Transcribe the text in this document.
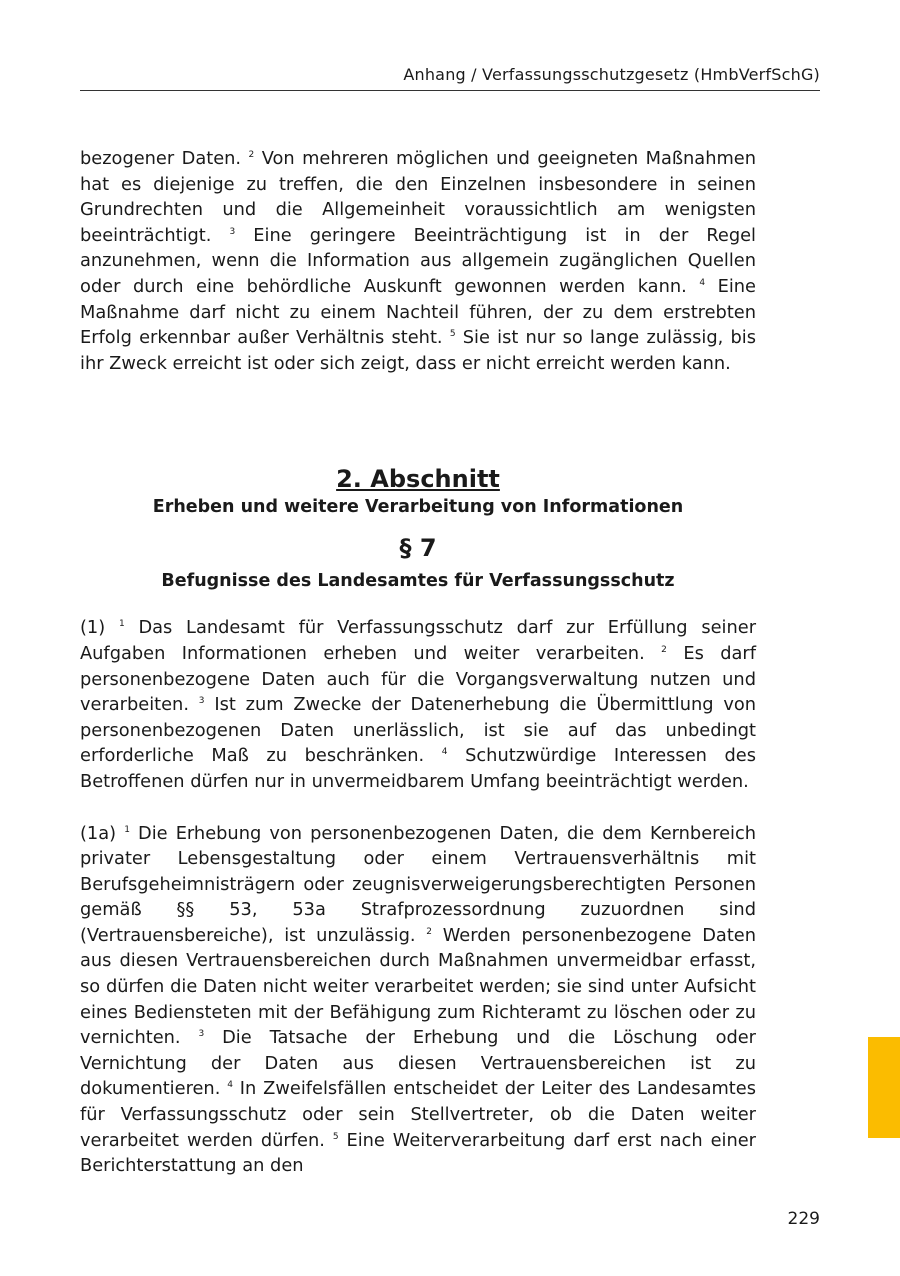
Anhang / Verfassungsschutzgesetz (HmbVerfSchG)

bezogener Daten. $^2$ Von mehreren möglichen und geeigneten Maßnahmen hat es diejenige zu treffen, die den Einzelnen insbesondere in seinen Grundrechten und die Allgemeinheit voraussichtlich am wenigsten beeinträchtigt. $^3$ Eine geringere Beeinträchtigung ist in der Regel anzunehmen, wenn die Information aus allgemein zugänglichen Quellen oder durch eine behördliche Auskunft gewonnen werden kann. $^4$ Eine Maßnahme darf nicht zu einem Nachteil führen, der zu dem erstrebten Erfolg erkennbar außer Verhältnis steht. $^5$ Sie ist nur so lange zulässig, bis ihr Zweck erreicht ist oder sich zeigt, dass er nicht erreicht werden kann.

2. Abschnitt
Erheben und weitere Verarbeitung von Informationen
§ 7
Befugnisse des Landesamtes für Verfassungsschutz

(1) $^1$ Das Landesamt für Verfassungsschutz darf zur Erfüllung seiner Aufgaben Informationen erheben und weiter verarbeiten. $^2$ Es darf personenbezogene Daten auch für die Vorgangsverwaltung nutzen und verarbeiten. $^3$ Ist zum Zwecke der Datenerhebung die Übermittlung von personenbezogenen Daten unerlässlich, ist sie auf das unbedingt erforderliche Maß zu beschränken. $^4$ Schutzwürdige Interessen des Betroffenen dürfen nur in unvermeidbarem Umfang beeinträchtigt werden.

(1a) $^1$ Die Erhebung von personenbezogenen Daten, die dem Kernbereich privater Lebensgestaltung oder einem Vertrauensverhältnis mit Berufsgeheimnisträgern oder zeugnisverweigerungsberechtigten Personen gemäß §§ 53, 53a Strafprozessordnung zuzuordnen sind (Vertrauensbereiche), ist unzulässig. $^2$ Werden personenbezogene Daten aus diesen Vertrauensbereichen durch Maßnahmen unvermeidbar erfasst, so dürfen die Daten nicht weiter verarbeitet werden; sie sind unter Aufsicht eines Bediensteten mit der Befähigung zum Richteramt zu löschen oder zu vernichten. $^3$ Die Tatsache der Erhebung und die Löschung oder Vernichtung der Daten aus diesen Vertrauensbereichen ist zu dokumentieren. $^4$ In Zweifelsfällen entscheidet der Leiter des Landesamtes für Verfassungsschutz oder sein Stellvertreter, ob die Daten weiter verarbeitet werden dürfen. $^5$ Eine Weiterverarbeitung darf erst nach einer Berichterstattung an den

229
